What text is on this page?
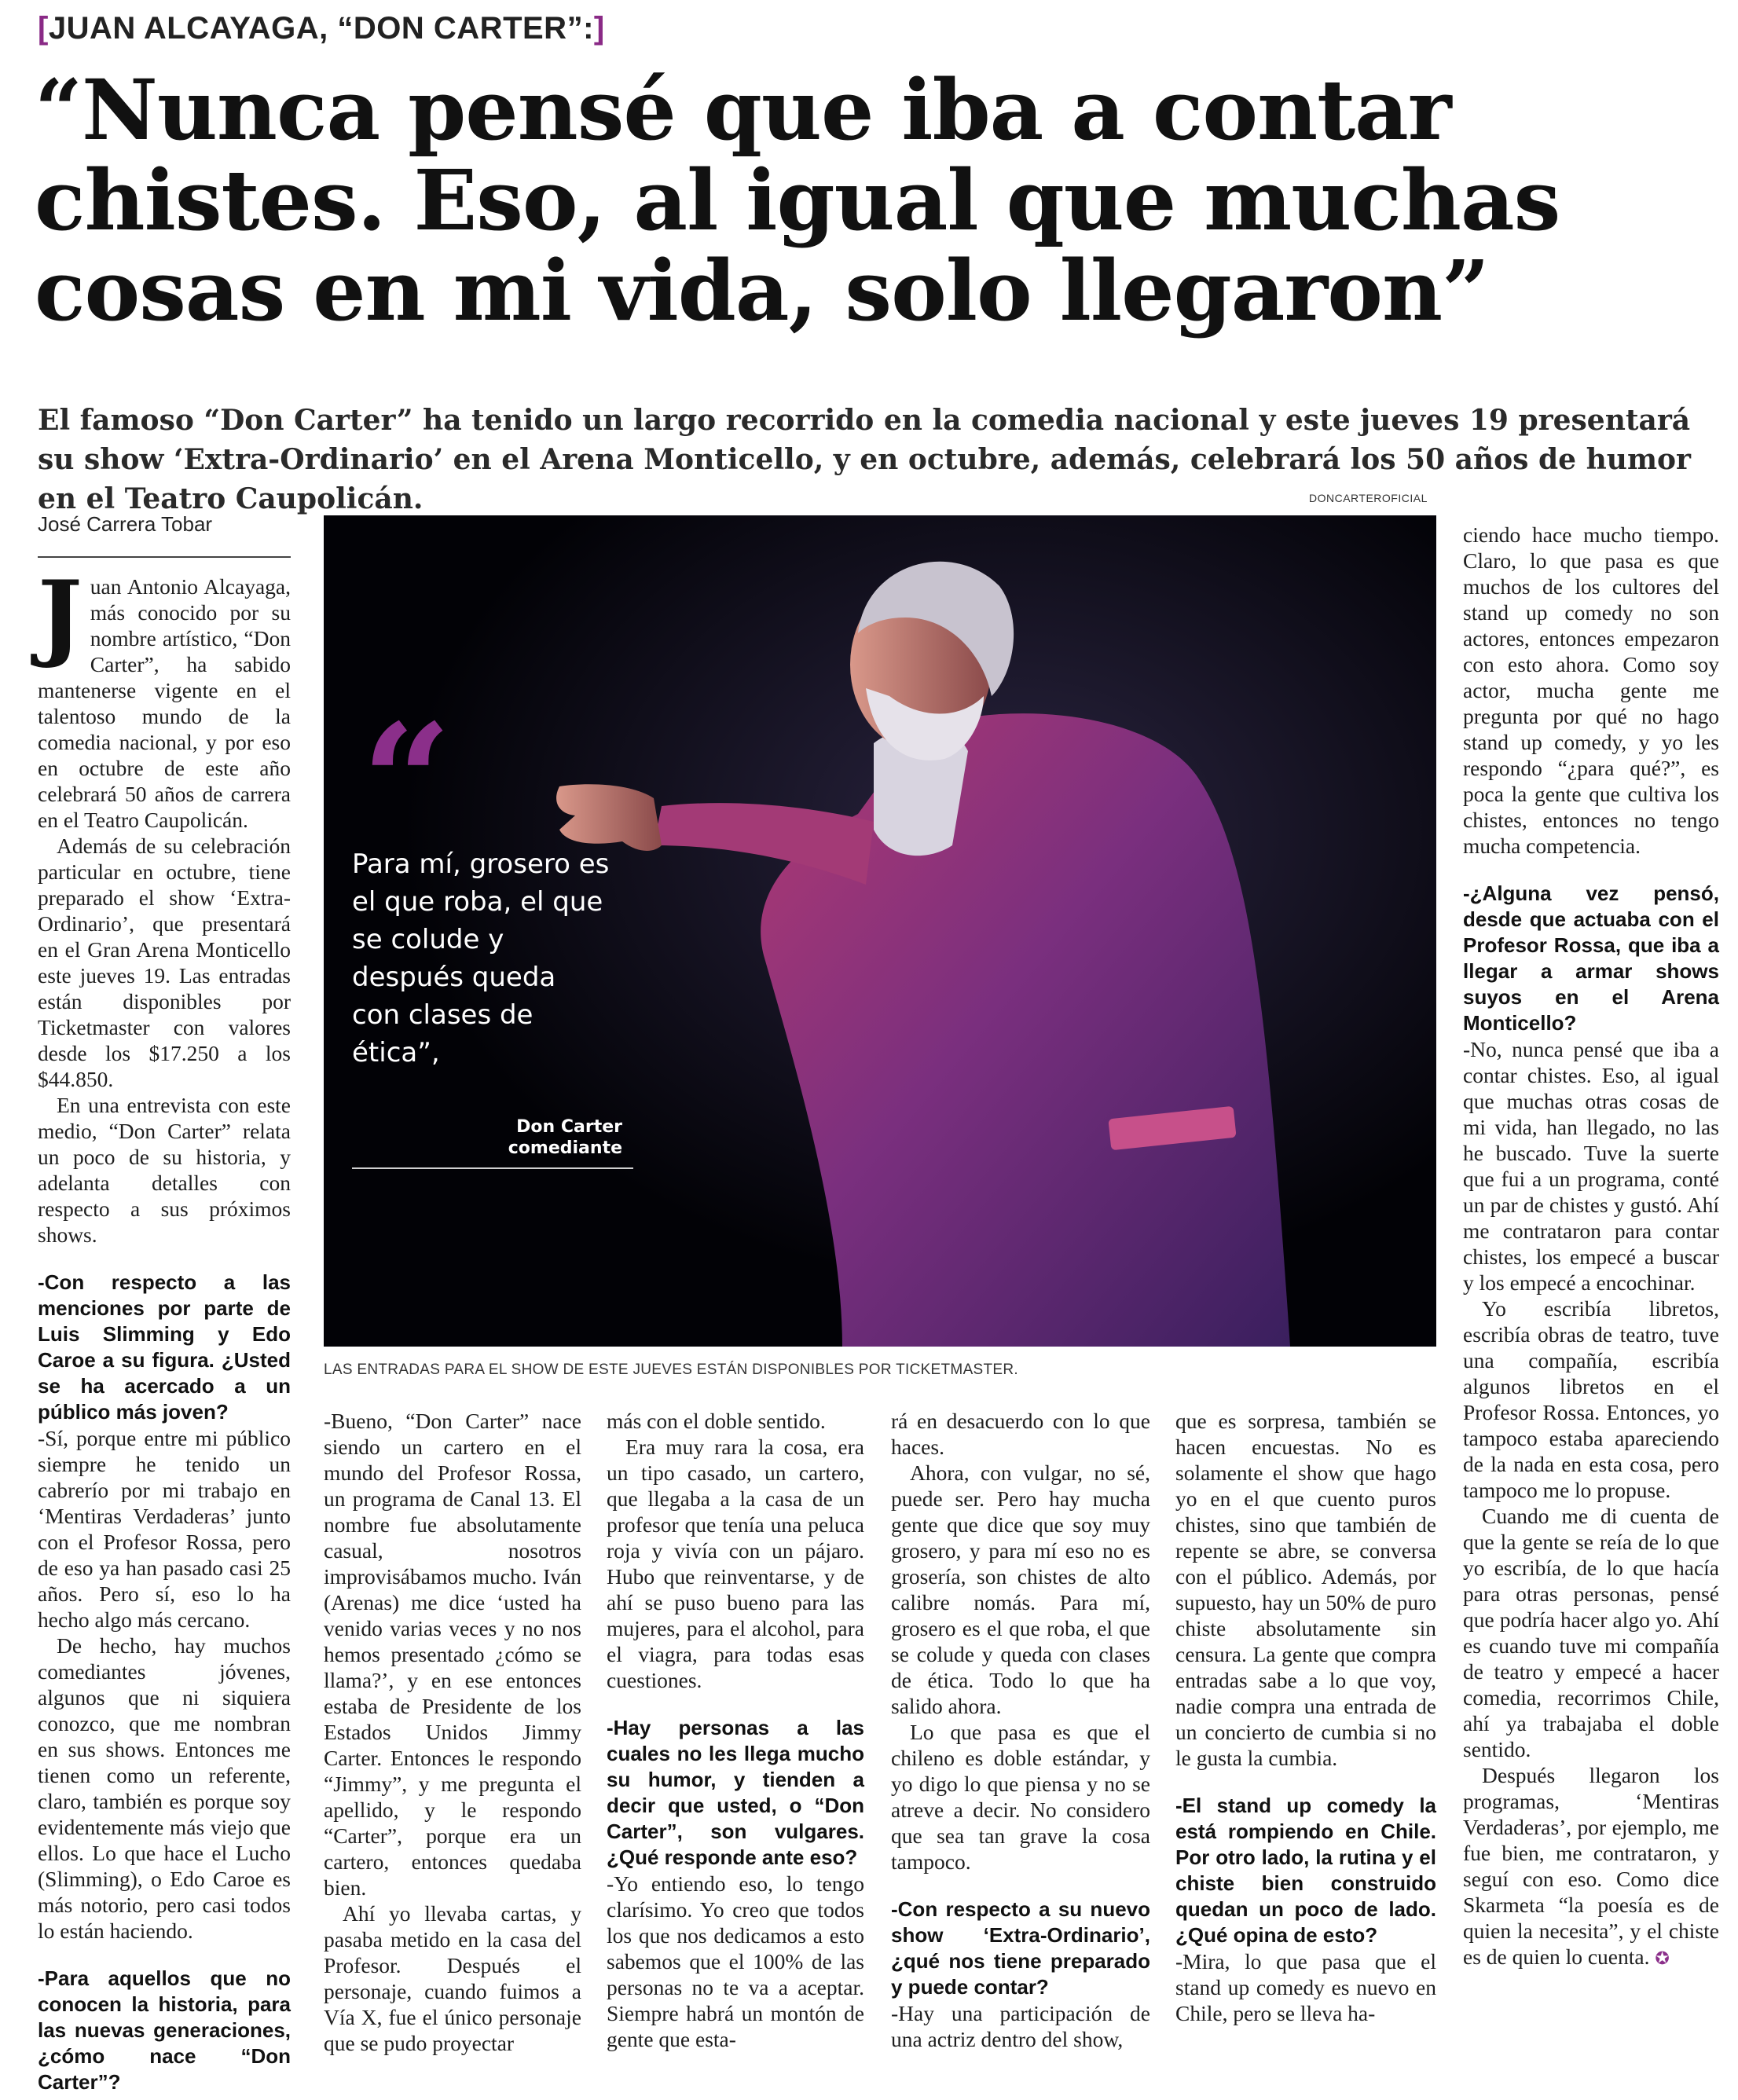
[JUAN ALCAYAGA, “DON CARTER”:]
“Nunca pensé que iba a contar chistes. Eso, al igual que muchas cosas en mi vida, solo llegaron”
El famoso “Don Carter” ha tenido un largo recorrido en la comedia nacional y este jueves 19 presentará su show ‘Extra-Ordinario’ en el Arena Monticello, y en octubre, además, celebrará los 50 años de humor en el Teatro Caupolicán.
José Carrera Tobar
DONCARTEROFICIAL
“
Para mí, grosero es el que roba, el que se colude y después queda con clases de ética”,
Don Carter
comediante
LAS ENTRADAS PARA EL SHOW DE ESTE JUEVES ESTÁN DISPONIBLES POR TICKETMASTER.

Juan Antonio Alcayaga, más conocido por su nombre artístico, “Don Carter”, ha sabido mantenerse vigente en el talentoso mundo de la comedia nacional, y por eso en octubre de este año celebrará 50 años de carrera en el Teatro Caupolicán.

Además de su celebración particular en octubre, tiene preparado el show ‘Extra-Ordinario’, que presentará en el Gran Arena Monticello este jueves 19. Las entradas están disponibles por Ticketmaster con valores desde los $17.250 a los $44.850.

En una entrevista con este medio, “Don Carter” relata un poco de su historia, y adelanta detalles con respecto a sus próximos shows.

-Con respecto a las menciones por parte de Luis Slimming y Edo Caroe a su figura. ¿Usted se ha acercado a un público más joven?

-Sí, porque entre mi público siempre he tenido un cabrerío por mi trabajo en ‘Mentiras Verdaderas’ junto con el Profesor Rossa, pero de eso ya han pasado casi 25 años. Pero sí, eso lo ha hecho algo más cercano.

De hecho, hay muchos comediantes jóvenes, algunos que ni siquiera conozco, que me nombran en sus shows. Entonces me tienen como un referente, claro, también es porque soy evidentemente más viejo que ellos. Lo que hace el Lucho (Slimming), o Edo Caroe es más notorio, pero casi todos lo están haciendo.

-Para aquellos que no conocen la historia, para las nuevas generaciones, ¿cómo nace “Don Carter”?

-Bueno, “Don Carter” nace siendo un cartero en el mundo del Profesor Rossa, un programa de Canal 13. El nombre fue absolutamente casual, nosotros improvisábamos mucho. Iván (Arenas) me dice ‘usted ha venido varias veces y no nos hemos presentado ¿cómo se llama?’, y en ese entonces estaba de Presidente de los Estados Unidos Jimmy Carter. Entonces le respondo “Jimmy”, y me pregunta el apellido, y le respondo “Carter”, porque era un cartero, entonces quedaba bien.

Ahí yo llevaba cartas, y pasaba metido en la casa del Profesor. Después el personaje, cuando fuimos a Vía X, fue el único personaje que se pudo proyectar

más con el doble sentido.

Era muy rara la cosa, era un tipo casado, un cartero, que llegaba a la casa de un profesor que tenía una peluca roja y vivía con un pájaro. Hubo que reinventarse, y de ahí se puso bueno para las mujeres, para el alcohol, para el viagra, para todas esas cuestiones.

-Hay personas a las cuales no les llega mucho su humor, y tienden a decir que usted, o “Don Carter”, son vulgares. ¿Qué responde ante eso?

-Yo entiendo eso, lo tengo clarísimo. Yo creo que todos los que nos dedicamos a esto sabemos que el 100% de las personas no te va a aceptar. Siempre habrá un montón de gente que esta-

rá en desacuerdo con lo que haces.

Ahora, con vulgar, no sé, puede ser. Pero hay mucha gente que dice que soy muy grosero, y para mí eso no es grosería, son chistes de alto calibre nomás. Para mí, grosero es el que roba, el que se colude y queda con clases de ética. Todo lo que ha salido ahora.

Lo que pasa es que el chileno es doble estándar, y yo digo lo que piensa y no se atreve a decir. No considero que sea tan grave la cosa tampoco.

-Con respecto a su nuevo show ‘Extra-Ordinario’, ¿qué nos tiene preparado y puede contar?

-Hay una participación de una actriz dentro del show,

que es sorpresa, también se hacen encuestas. No es solamente el show que hago yo en el que cuento puros chistes, sino que también de repente se abre, se conversa con el público. Además, por supuesto, hay un 50% de puro chiste absolutamente sin censura. La gente que compra entradas sabe a lo que voy, nadie compra una entrada de un concierto de cumbia si no le gusta la cumbia.

-El stand up comedy la está rompiendo en Chile. Por otro lado, la rutina y el chiste bien construido quedan un poco de lado. ¿Qué opina de esto?

-Mira, lo que pasa que el stand up comedy es nuevo en Chile, pero se lleva ha-

ciendo hace mucho tiempo. Claro, lo que pasa es que muchos de los cultores del stand up comedy no son actores, entonces empezaron con esto ahora. Como soy actor, mucha gente me pregunta por qué no hago stand up comedy, y yo les respondo “¿para qué?”, es poca la gente que cultiva los chistes, entonces no tengo mucha competencia.

-¿Alguna vez pensó, desde que actuaba con el Profesor Rossa, que iba a llegar a armar shows suyos en el Arena Monticello?

-No, nunca pensé que iba a contar chistes. Eso, al igual que muchas otras cosas de mi vida, han llegado, no las he buscado. Tuve la suerte que fui a un programa, conté un par de chistes y gustó. Ahí me contrataron para contar chistes, los empecé a buscar y los empecé a encochinar.

Yo escribía libretos, escribía obras de teatro, tuve una compañía, escribía algunos libretos en el Profesor Rossa. Entonces, yo tampoco estaba apareciendo de la nada en esta cosa, pero tampoco me lo propuse.

Cuando me di cuenta de que la gente se reía de lo que yo escribía, de lo que hacía para otras personas, pensé que podría hacer algo yo. Ahí es cuando tuve mi compañía de teatro y empecé a hacer comedia, recorrimos Chile, ahí ya trabajaba el doble sentido.

Después llegaron los programas, ‘Mentiras Verdaderas’, por ejemplo, me fue bien, me contrataron, y seguí con eso. Como dice Skarmeta “la poesía es de quien la necesita”, y el chiste es de quien lo cuenta. ✪
